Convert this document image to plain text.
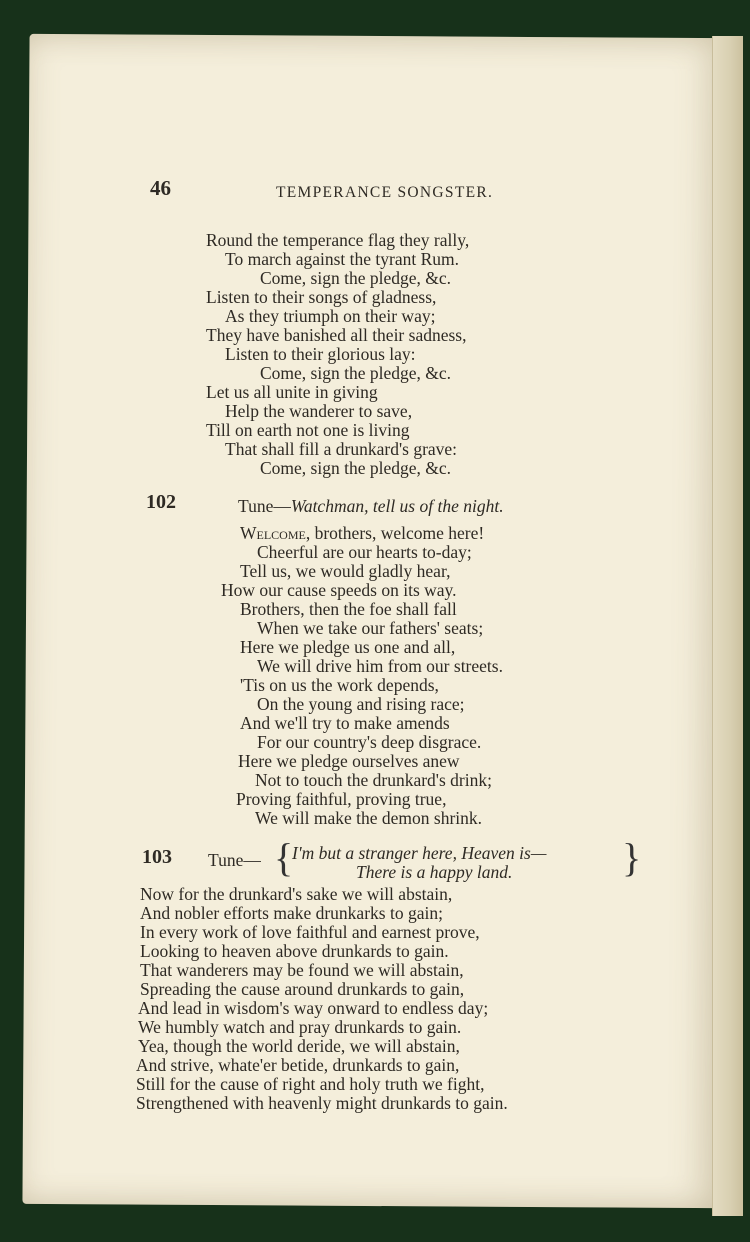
46	TEMPERANCE SONGSTER.
Round the temperance flag they rally,
To march against the tyrant Rum.
Come, sign the pledge, &c.
Listen to their songs of gladness,
As they triumph on their way;
They have banished all their sadness,
Listen to their glorious lay:
Come, sign the pledge, &c.
Let us all unite in giving
Help the wanderer to save,
Till on earth not one is living
That shall fill a drunkard's grave:
Come, sign the pledge, &c.
102	Tune—Watchman, tell us of the night.
Welcome, brothers, welcome here!
Cheerful are our hearts to-day;
Tell us, we would gladly hear,
How our cause speeds on its way.
Brothers, then the foe shall fall
When we take our fathers' seats;
Here we pledge us one and all,
We will drive him from our streets.
'Tis on us the work depends,
On the young and rising race;
And we'll try to make amends
For our country's deep disgrace.
Here we pledge ourselves anew
Not to touch the drunkard's drink;
Proving faithful, proving true,
We will make the demon shrink.
103 Tune— {
I'm but a stranger here, Heaven is—
There is a happy land.	}
Now for the drunkard's sake we will abstain,
And nobler efforts make drunkarks to gain;
In every work of love faithful and earnest prove,
Looking to heaven above drunkards to gain.
That wanderers may be found we will abstain,
Spreading the cause around drunkards to gain,
And lead in wisdom's way onward to endless day;
We humbly watch and pray drunkards to gain.
Yea, though the world deride, we will abstain,
And strive, whate'er betide, drunkards to gain,
Still for the cause of right and holy truth we fight,
Strengthened with heavenly might drunkards to gain.
